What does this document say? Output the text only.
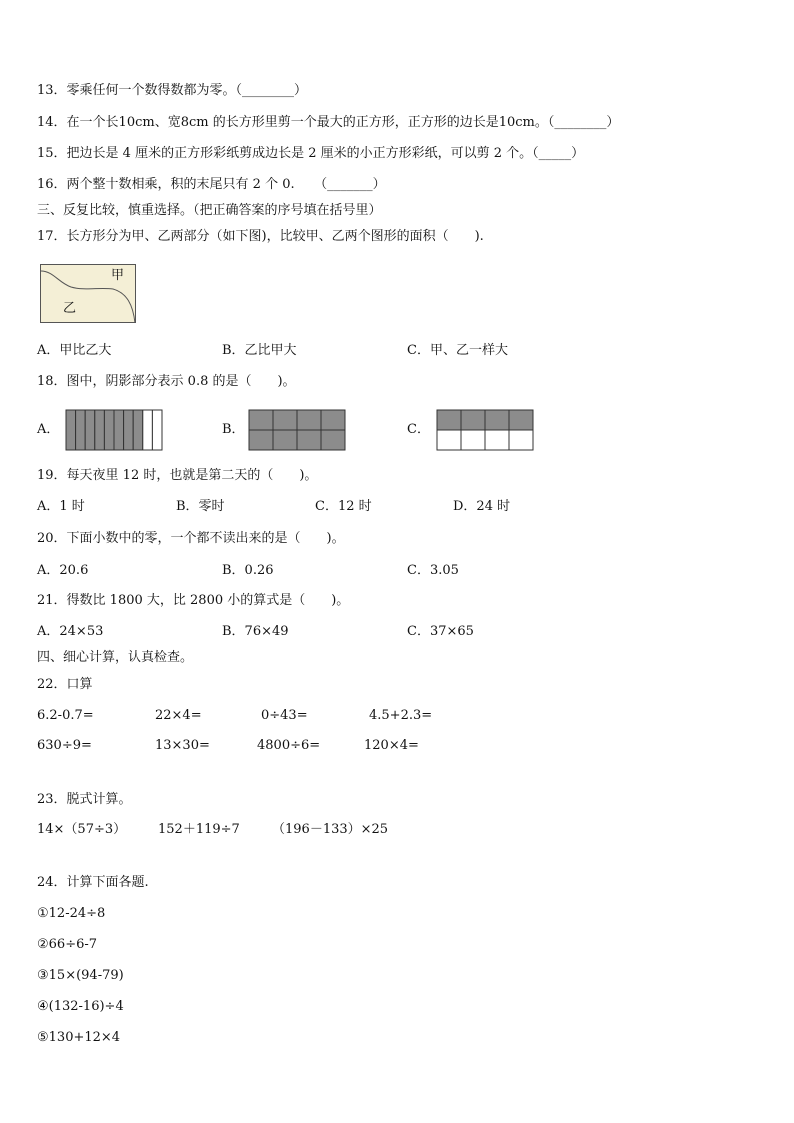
13．零乘任何一个数得数都为零。（________）
14．在一个长10cm、宽8cm 的长方形里剪一个最大的正方形，正方形的边长是10cm。（________）
15．把边长是 4 厘米的正方形彩纸剪成边长是 2 厘米的小正方形彩纸，可以剪 2 个。（_____）
16．两个整十数相乘，积的末尾只有 2 个 0.　　（_______）
三、反复比较，慎重选择。（把正确答案的序号填在括号里）
17．长方形分为甲、乙两部分（如下图)，比较甲、乙两个图形的面积（　　).
甲
乙
A．甲比乙大	B．乙比甲大	C．甲、乙一样大
18．图中，阴影部分表示 0.8 的是（　　)。
A．	B．	C．
19．每天夜里 12 时，也就是第二天的（　　)。
A．1 时	B．零时	C．12 时	D．24 时
20．下面小数中的零，一个都不读出来的是（　　)。
A．20.6	B．0.26	C．3.05
21．得数比 1800 大，比 2800 小的算式是（　　)。
A．24×53	B．76×49	C．37×65
四、细心计算，认真检查。
22．口算
6.2-0.7=	22×4=	0÷43=	4.5+2.3=
630÷9=	13×30=	4800÷6=	120×4=
23．脱式计算。
14×（57÷3） 152＋119÷7 （196－133）×25
24．计算下面各题.
①12-24÷8
②66÷6-7
③15×(94-79)
④(132-16)÷4
⑤130+12×4
